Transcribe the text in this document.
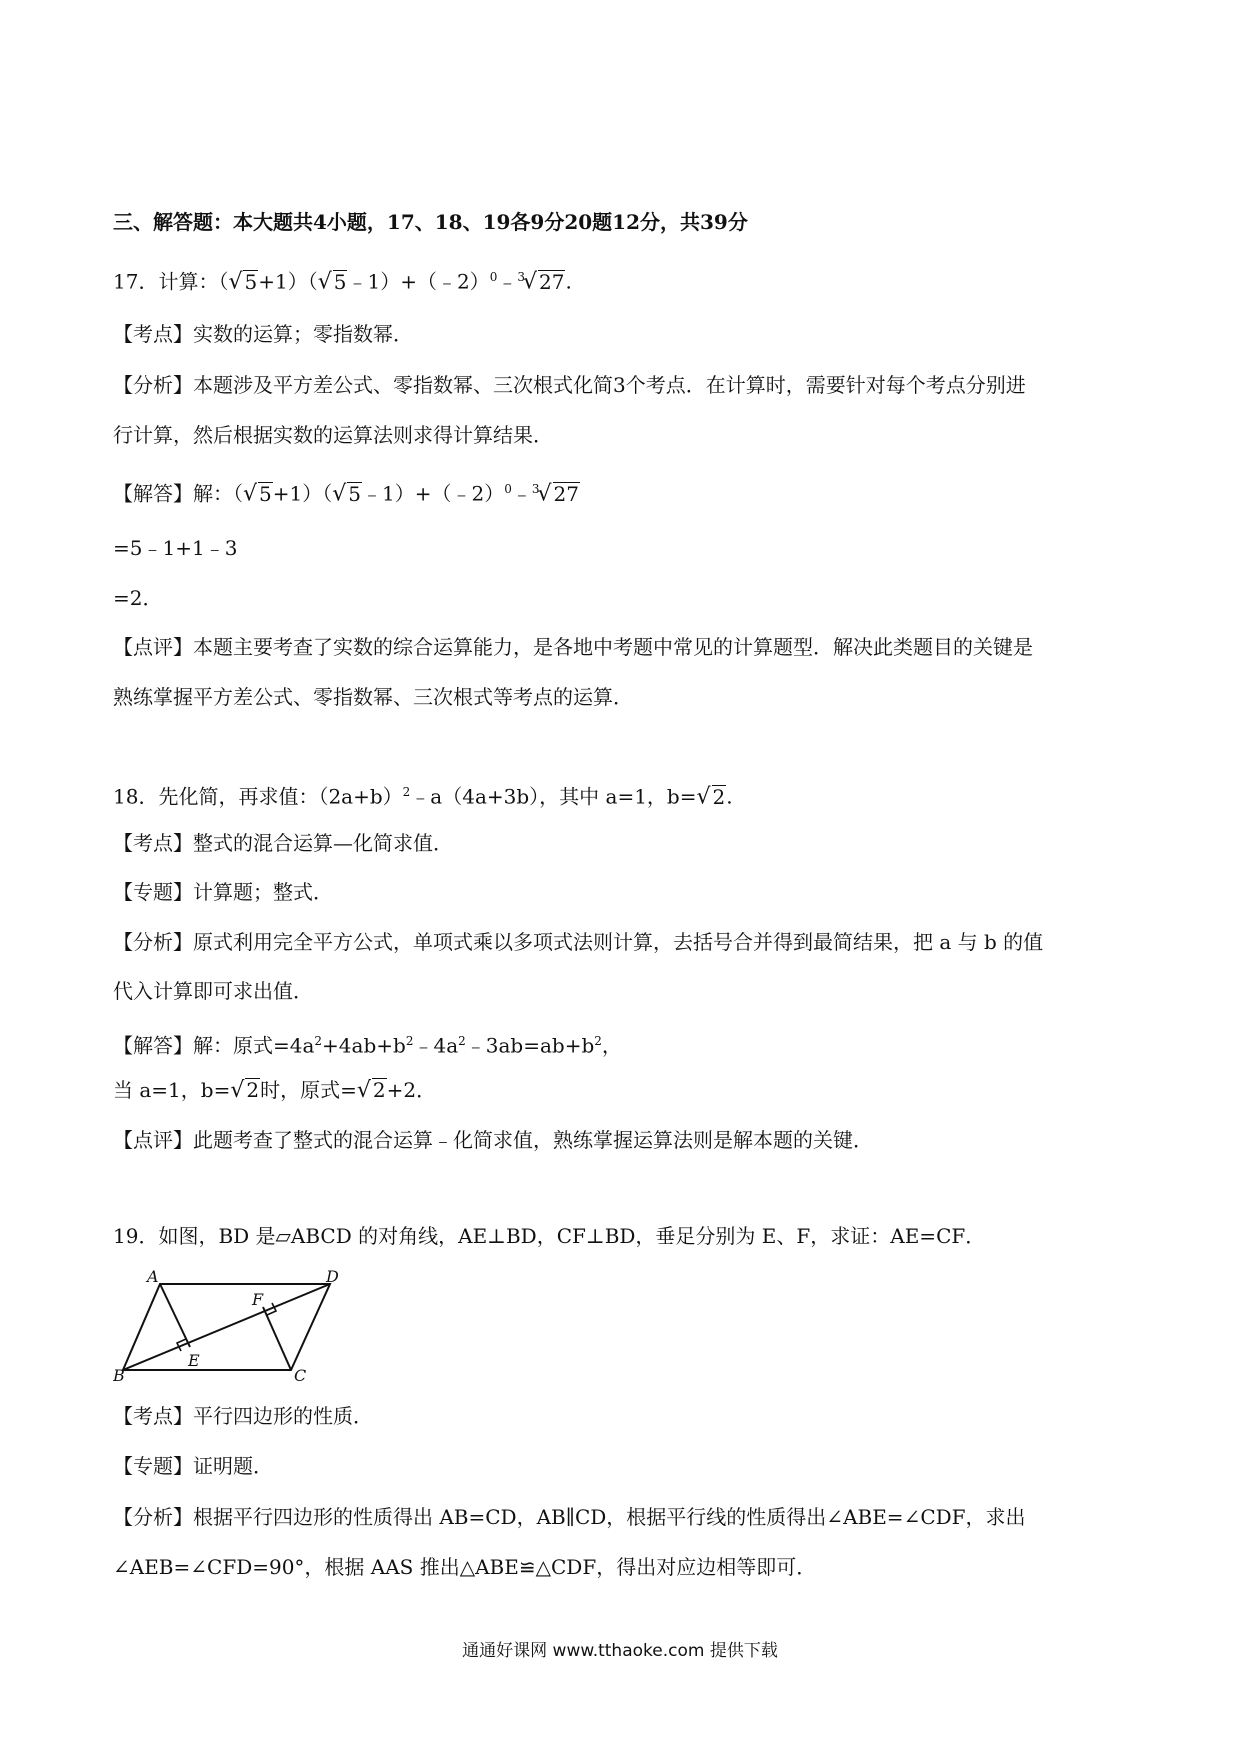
三、解答题：本大题共4小题，17、18、19各9分20题12分，共39分
17．计算：（√ 5+1）（√ 5﹣1）+（﹣2）$^0$﹣$^3$√ 27.
【考点】实数的运算；零指数幂．
【分析】本题涉及平方差公式、零指数幂、三次根式化简3个考点．在计算时，需要针对每个考点分别进
行计算，然后根据实数的运算法则求得计算结果．
【解答】解：（√ 5+1）（√ 5﹣1）+（﹣2）$^0$﹣$^3$√ 27
=5﹣1+1﹣3
=2．
【点评】本题主要考查了实数的综合运算能力，是各地中考题中常见的计算题型．解决此类题目的关键是
熟练掌握平方差公式、零指数幂、三次根式等考点的运算．
18．先化简，再求值：$(2a+b)^2﹣a(4a+3b)$，其中 a=1，b=√ 2.
【考点】整式的混合运算—化简求值．
【专题】计算题；整式．
【分析】原式利用完全平方公式，单项式乘以多项式法则计算，去括号合并得到最简结果，把 a 与 b 的值
代入计算即可求出值．
【解答】解：原式$=4a^2+4ab+b^2﹣4a^2﹣3ab=ab+b^2$，
当 a=1，b=√ 2时，原式=√ 2+2．
【点评】此题考查了整式的混合运算﹣化简求值，熟练掌握运算法则是解本题的关键．
19．如图，BD 是▱ABCD 的对角线，AE⊥BD，CF⊥BD，垂足分别为 E、F，求证：AE=CF．
A	D
B	C
E
F
【考点】平行四边形的性质．
【专题】证明题．
【分析】根据平行四边形的性质得出 AB=CD，AB∥CD，根据平行线的性质得出∠ABE=∠CDF，求出
∠AEB=∠CFD=90°，根据 AAS 推出△ABE≌△CDF，得出对应边相等即可．
通通好课网 www.tthaoke.com 提供下载
